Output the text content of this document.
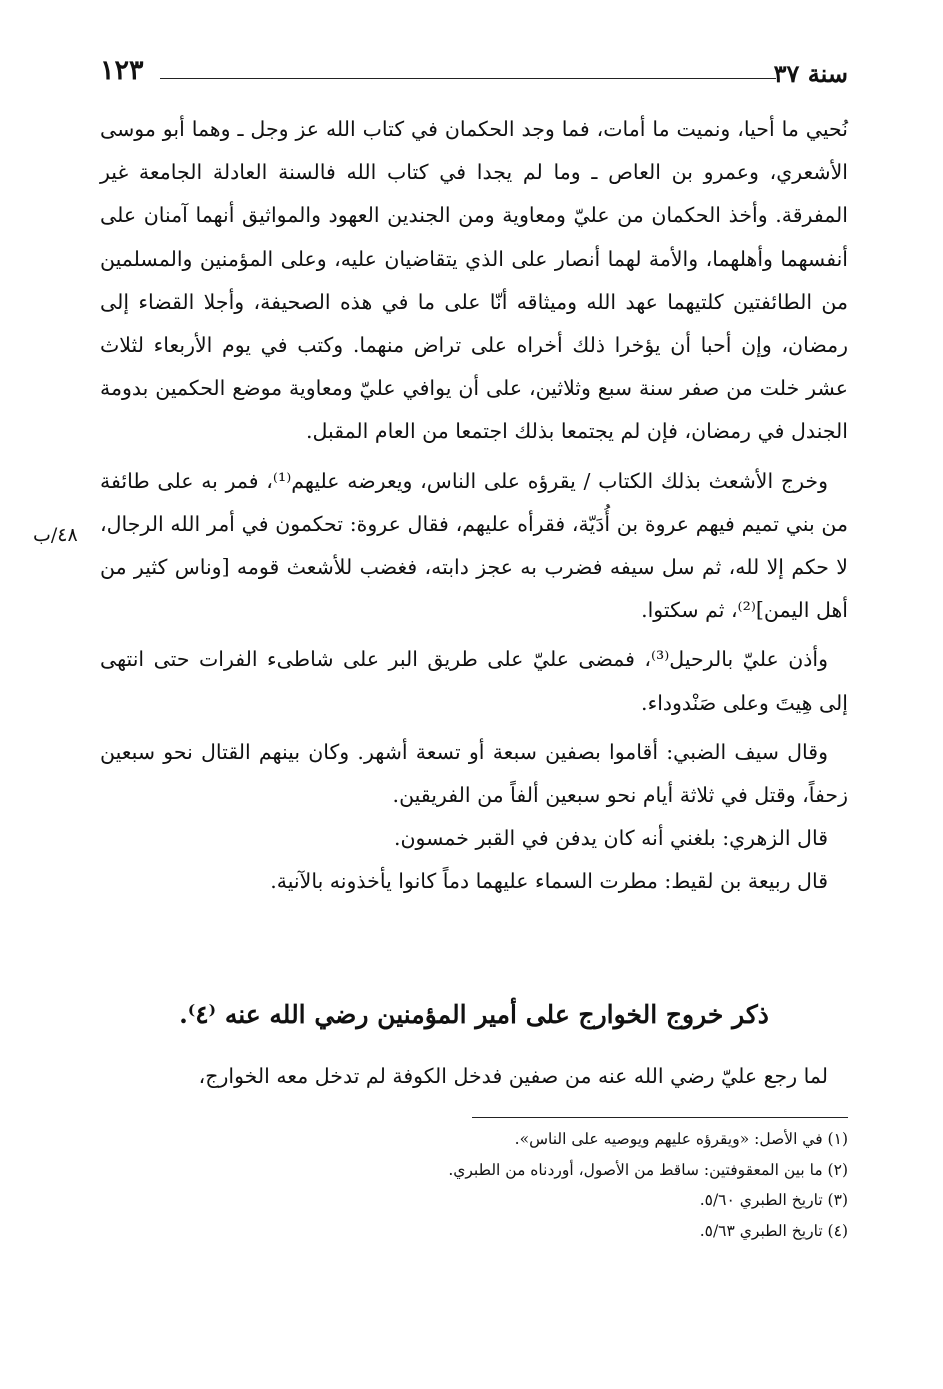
سنة ٣٧
١٢٣
٤٨/ب

نُحيي ما أحيا، ونميت ما أمات، فما وجد الحكمان في كتاب الله عز وجل ـ وهما أبو موسى الأشعري، وعمرو بن العاص ـ وما لم يجدا في كتاب الله فالسنة العادلة الجامعة غير المفرقة. وأخذ الحكمان من عليّ ومعاوية ومن الجندين العهود والمواثيق أنهما آمنان على أنفسهما وأهلهما، والأمة لهما أنصار على الذي يتقاضيان عليه، وعلى المؤمنين والمسلمين من الطائفتين كلتيهما عهد الله وميثاقه أنّا على ما في هذه الصحيفة، وأجلا القضاء إلى رمضان، وإن أحبا أن يؤخرا ذلك أخراه على تراض منهما. وكتب في يوم الأربعاء لثلاث عشر خلت من صفر سنة سبع وثلاثين، على أن يوافي عليّ ومعاوية موضع الحكمين بدومة الجندل في رمضان، فإن لم يجتمعا بذلك اجتمعا من العام المقبل.

وخرج الأشعث بذلك الكتاب / يقرؤه على الناس، ويعرضه عليهم⁽¹⁾، فمر به على طائفة من بني تميم فيهم عروة بن أُدَيّة، فقرأه عليهم، فقال عروة: تحكمون في أمر الله الرجال، لا حكم إلا لله، ثم سل سيفه فضرب به عجز دابته، فغضب للأشعث قومه [وناس كثير من أهل اليمن]⁽²⁾، ثم سكتوا.

وأذن عليّ بالرحيل⁽³⁾، فمضى عليّ على طريق البر على شاطىء الفرات حتى انتهى إلى هِيتَ وعلى صَنْدوداء.

وقال سيف الضبي: أقاموا بصفين سبعة أو تسعة أشهر. وكان بينهم القتال نحو سبعين زحفاً، وقتل في ثلاثة أيام نحو سبعين ألفاً من الفريقين.

قال الزهري: بلغني أنه كان يدفن في القبر خمسون.

قال ربيعة بن لقيط: مطرت السماء عليهما دماً كانوا يأخذونه بالآنية.

ذكر خروج الخوارج على أمير المؤمنين رضي الله عنه ⁽٤⁾.
لما رجع عليّ رضي الله عنه من صفين فدخل الكوفة لم تدخل معه الخوارج،
(١) في الأصل: «ويقرؤه عليهم ويوصيه على الناس».
(٢) ما بين المعقوفتين: ساقط من الأصول، أوردناه من الطبري.
(٣) تاريخ الطبري ٥/٦٠.
(٤) تاريخ الطبري ٥/٦٣.
